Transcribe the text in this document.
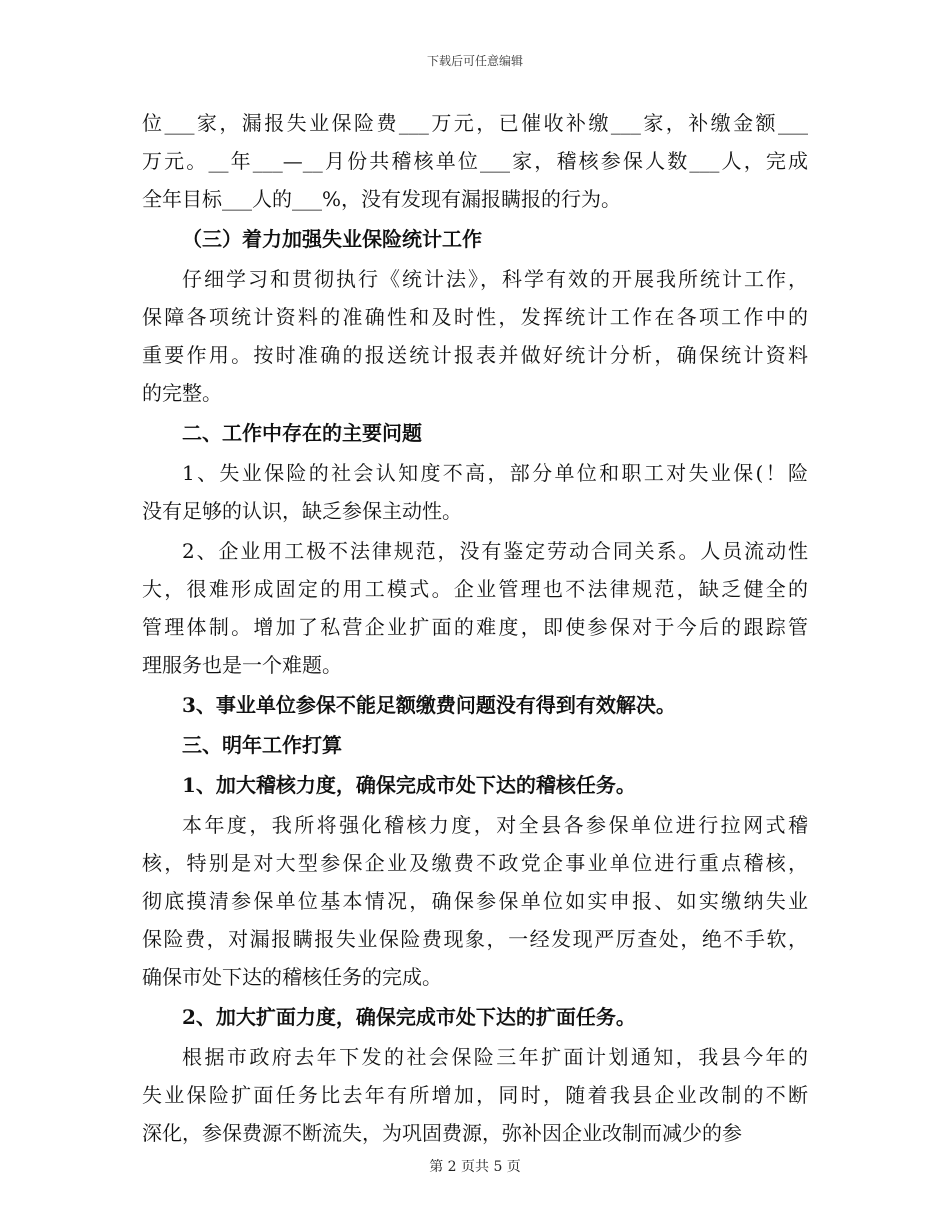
下载后可任意编辑
位___家，漏报失业保险费___万元，已催收补缴___家，补缴金额___
万元。__年___—__月份共稽核单位___家，稽核参保人数___人，完成
全年目标___人的___%，没有发现有漏报瞒报的行为。
（三）着力加强失业保险统计工作
仔细学习和贯彻执行《统计法》，科学有效的开展我所统计工作，
保障各项统计资料的准确性和及时性，发挥统计工作在各项工作中的
重要作用。按时准确的报送统计报表并做好统计分析，确保统计资料
的完整。
二、工作中存在的主要问题
1、失业保险的社会认知度不高，部分单位和职工对失业保(！险
没有足够的认识，缺乏参保主动性。
2、企业用工极不法律规范，没有鉴定劳动合同关系。人员流动性
大，很难形成固定的用工模式。企业管理也不法律规范，缺乏健全的
管理体制。增加了私营企业扩面的难度，即使参保对于今后的跟踪管
理服务也是一个难题。
3、事业单位参保不能足额缴费问题没有得到有效解决。
三、明年工作打算
1、加大稽核力度，确保完成市处下达的稽核任务。
本年度，我所将强化稽核力度，对全县各参保单位进行拉网式稽
核，特别是对大型参保企业及缴费不政党企事业单位进行重点稽核，
彻底摸清参保单位基本情况，确保参保单位如实申报、如实缴纳失业
保险费，对漏报瞒报失业保险费现象，一经发现严厉查处，绝不手软，
确保市处下达的稽核任务的完成。
2、加大扩面力度，确保完成市处下达的扩面任务。
根据市政府去年下发的社会保险三年扩面计划通知，我县今年的
失业保险扩面任务比去年有所增加，同时，随着我县企业改制的不断
深化，参保费源不断流失，为巩固费源，弥补因企业改制而减少的参
第 2 页共 5 页
